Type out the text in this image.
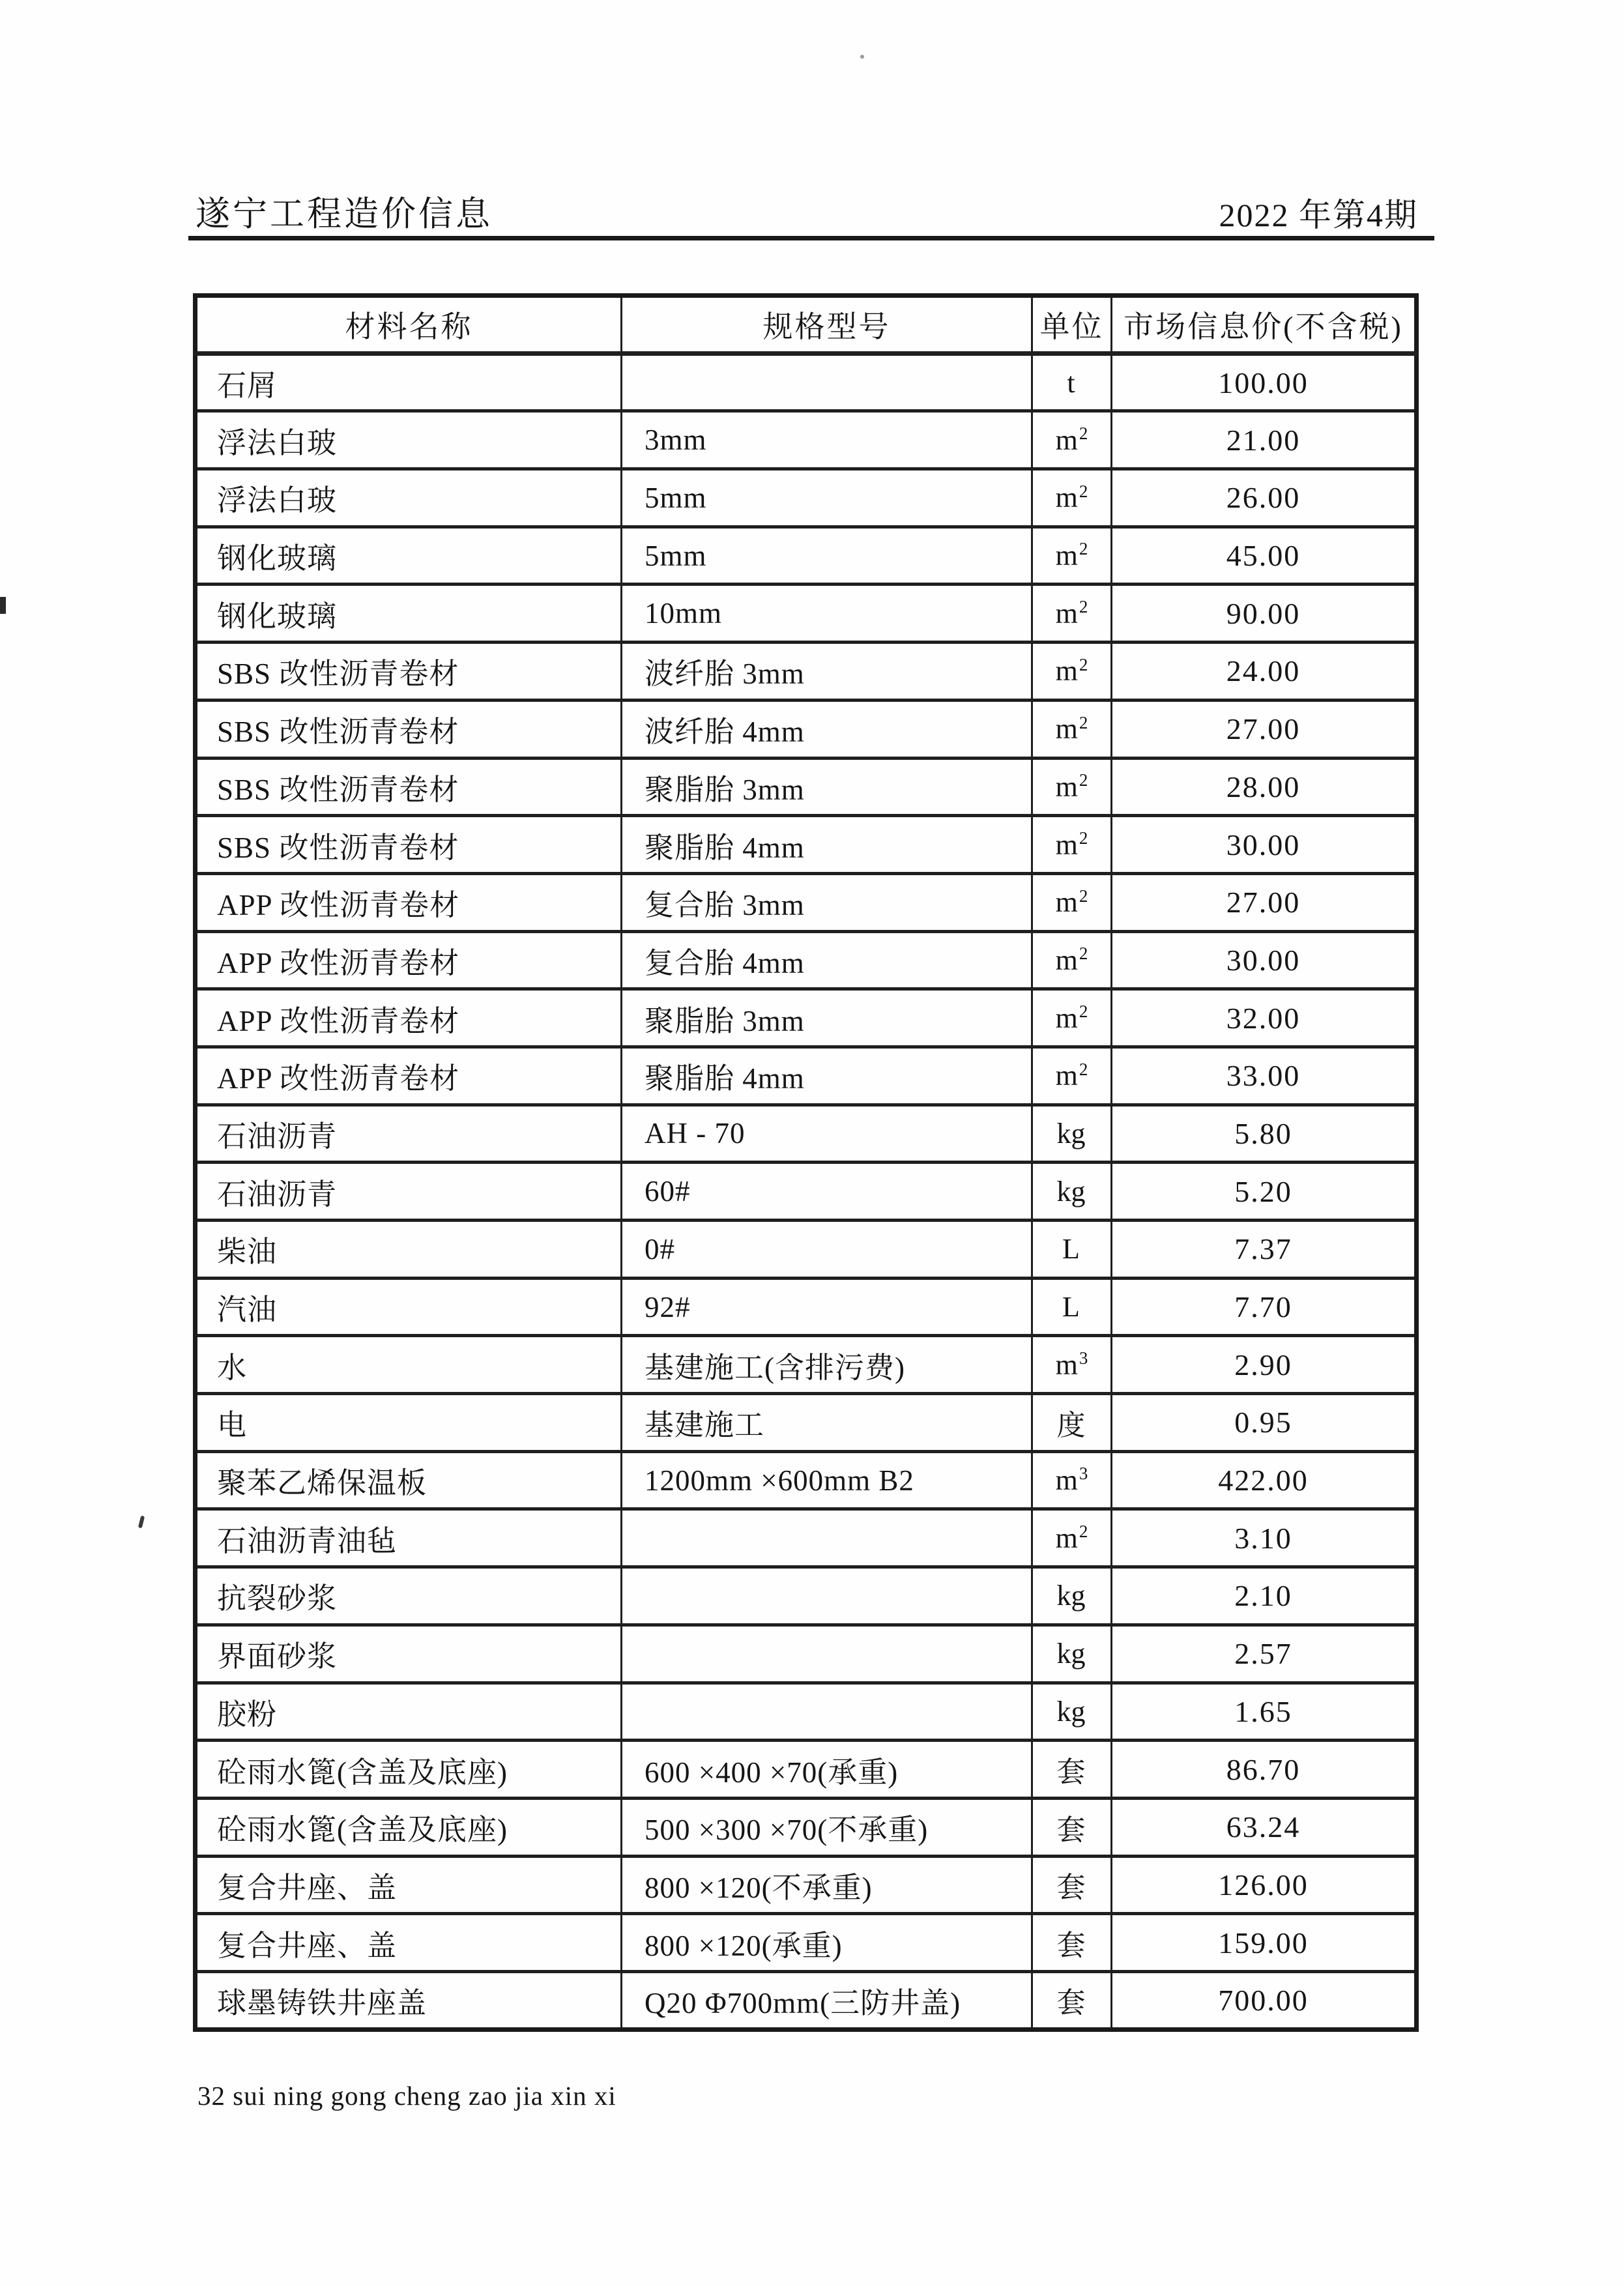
遂宁工程造价信息	2022 年第4期
材料名称	规格型号	单位	市场信息价(不含税)
石屑		t	100.00
浮法白玻	3mm	$m^2$	21.00
浮法白玻	5mm	$m^2$	26.00
钢化玻璃	5mm	$m^2$	45.00
钢化玻璃	10mm	$m^2$	90.00
SBS 改性沥青卷材	波纤胎 3mm	$m^2$	24.00
SBS 改性沥青卷材	波纤胎 4mm	$m^2$	27.00
SBS 改性沥青卷材	聚脂胎 3mm	$m^2$	28.00
SBS 改性沥青卷材	聚脂胎 4mm	$m^2$	30.00
APP 改性沥青卷材	复合胎 3mm	$m^2$	27.00
APP 改性沥青卷材	复合胎 4mm	$m^2$	30.00
APP 改性沥青卷材	聚脂胎 3mm	$m^2$	32.00
APP 改性沥青卷材	聚脂胎 4mm	$m^2$	33.00
石油沥青	AH - 70	kg	5.80
石油沥青	60#	kg	5.20
柴油	0#	L	7.37
汽油	92#	L	7.70
水	基建施工(含排污费)	$m^3$	2.90
电	基建施工	度	0.95
聚苯乙烯保温板	1200mm ×600mm B2	$m^3$	422.00
石油沥青油毡		$m^2$	3.10
抗裂砂浆		kg	2.10
界面砂浆		kg	2.57
胶粉		kg	1.65
砼雨水篦(含盖及底座)	600 ×400 ×70(承重)	套	86.70
砼雨水篦(含盖及底座)	500 ×300 ×70(不承重)	套	63.24
复合井座、盖	800 ×120(不承重)	套	126.00
复合井座、盖	800 ×120(承重)	套	159.00
球墨铸铁井座盖	Q20 Φ700mm(三防井盖)	套	700.00
32 sui ning gong cheng zao jia xin xi
